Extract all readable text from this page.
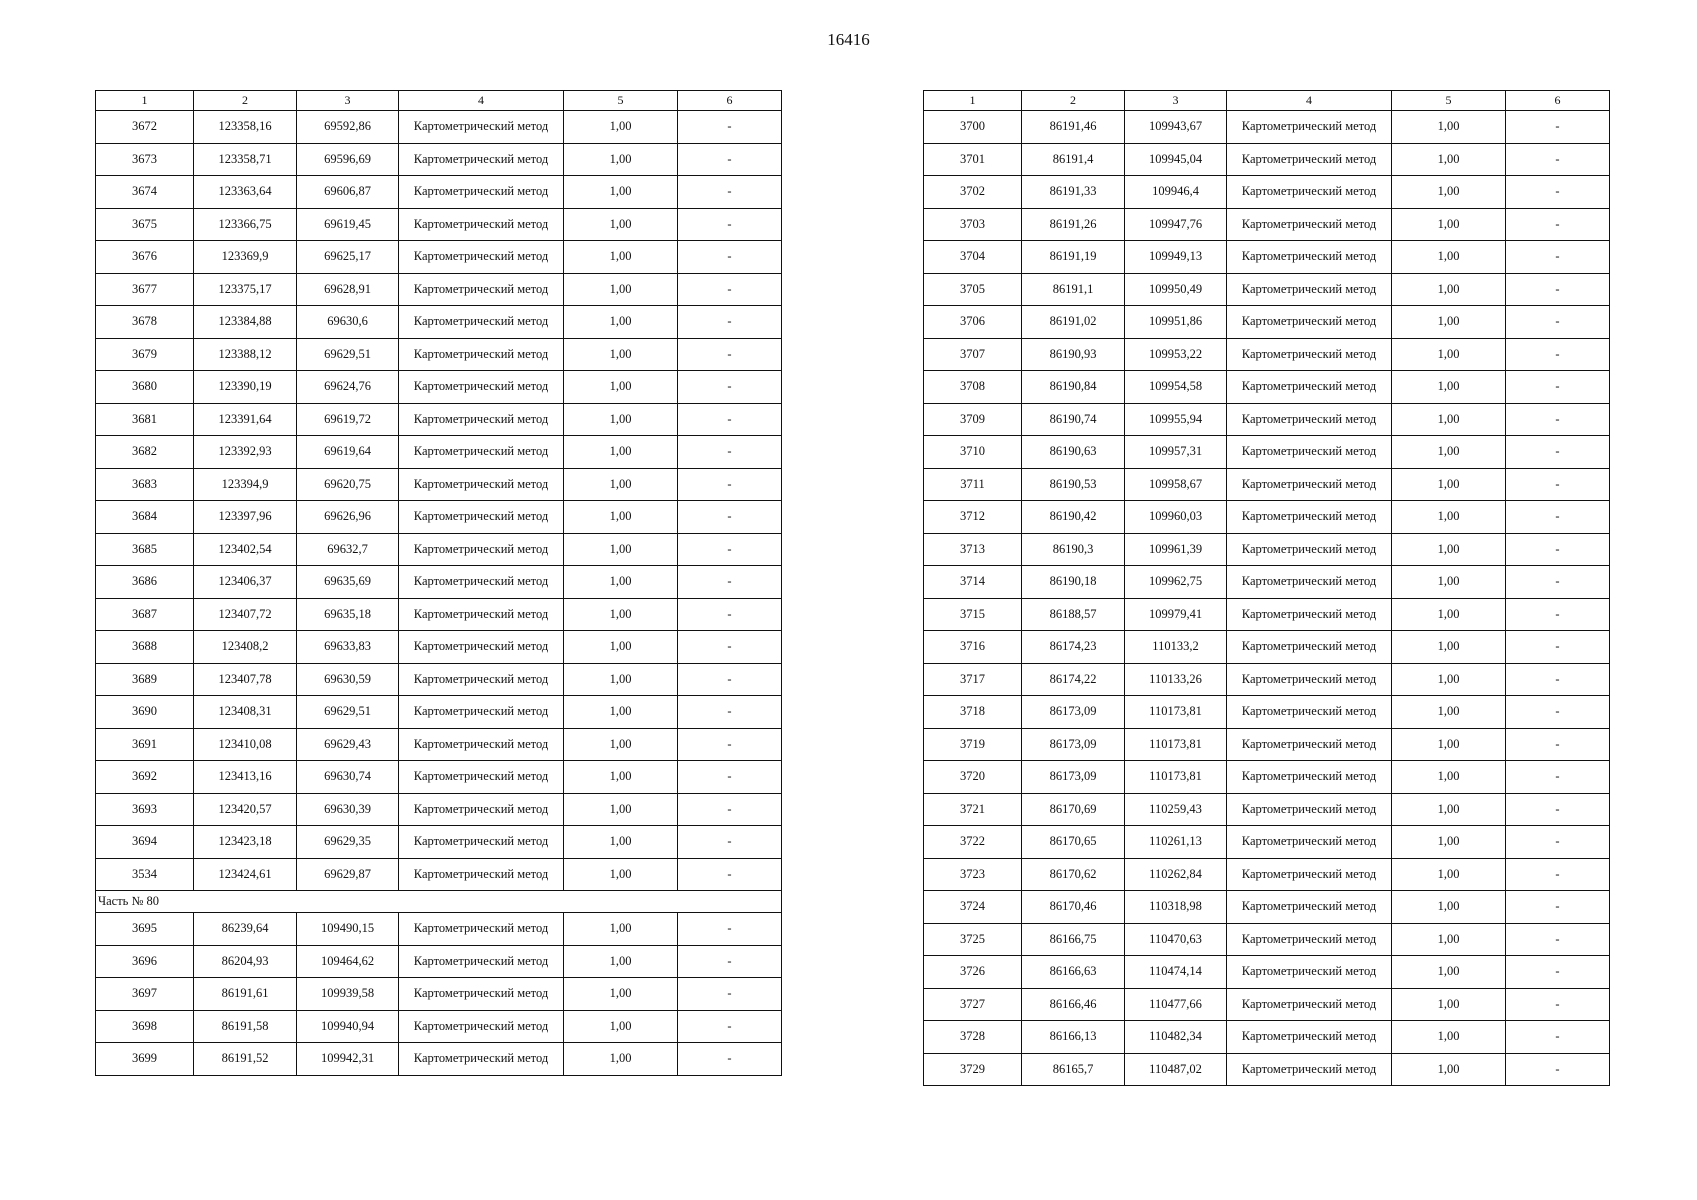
16416
1	2	3	4	5	6
3672	123358,16	69592,86	Картометрический метод	1,00	-
3673	123358,71	69596,69	Картометрический метод	1,00	-
3674	123363,64	69606,87	Картометрический метод	1,00	-
3675	123366,75	69619,45	Картометрический метод	1,00	-
3676	123369,9	69625,17	Картометрический метод	1,00	-
3677	123375,17	69628,91	Картометрический метод	1,00	-
3678	123384,88	69630,6	Картометрический метод	1,00	-
3679	123388,12	69629,51	Картометрический метод	1,00	-
3680	123390,19	69624,76	Картометрический метод	1,00	-
3681	123391,64	69619,72	Картометрический метод	1,00	-
3682	123392,93	69619,64	Картометрический метод	1,00	-
3683	123394,9	69620,75	Картометрический метод	1,00	-
3684	123397,96	69626,96	Картометрический метод	1,00	-
3685	123402,54	69632,7	Картометрический метод	1,00	-
3686	123406,37	69635,69	Картометрический метод	1,00	-
3687	123407,72	69635,18	Картометрический метод	1,00	-
3688	123408,2	69633,83	Картометрический метод	1,00	-
3689	123407,78	69630,59	Картометрический метод	1,00	-
3690	123408,31	69629,51	Картометрический метод	1,00	-
3691	123410,08	69629,43	Картометрический метод	1,00	-
3692	123413,16	69630,74	Картометрический метод	1,00	-
3693	123420,57	69630,39	Картометрический метод	1,00	-
3694	123423,18	69629,35	Картометрический метод	1,00	-
3534	123424,61	69629,87	Картометрический метод	1,00	-
Часть № 80					
3695	86239,64	109490,15	Картометрический метод	1,00	-
3696	86204,93	109464,62	Картометрический метод	1,00	-
3697	86191,61	109939,58	Картометрический метод	1,00	-
3698	86191,58	109940,94	Картометрический метод	1,00	-
3699	86191,52	109942,31	Картометрический метод	1,00	-
1	2	3	4	5	6
3700	86191,46	109943,67	Картометрический метод	1,00	-
3701	86191,4	109945,04	Картометрический метод	1,00	-
3702	86191,33	109946,4	Картометрический метод	1,00	-
3703	86191,26	109947,76	Картометрический метод	1,00	-
3704	86191,19	109949,13	Картометрический метод	1,00	-
3705	86191,1	109950,49	Картометрический метод	1,00	-
3706	86191,02	109951,86	Картометрический метод	1,00	-
3707	86190,93	109953,22	Картометрический метод	1,00	-
3708	86190,84	109954,58	Картометрический метод	1,00	-
3709	86190,74	109955,94	Картометрический метод	1,00	-
3710	86190,63	109957,31	Картометрический метод	1,00	-
3711	86190,53	109958,67	Картометрический метод	1,00	-
3712	86190,42	109960,03	Картометрический метод	1,00	-
3713	86190,3	109961,39	Картометрический метод	1,00	-
3714	86190,18	109962,75	Картометрический метод	1,00	-
3715	86188,57	109979,41	Картометрический метод	1,00	-
3716	86174,23	110133,2	Картометрический метод	1,00	-
3717	86174,22	110133,26	Картометрический метод	1,00	-
3718	86173,09	110173,81	Картометрический метод	1,00	-
3719	86173,09	110173,81	Картометрический метод	1,00	-
3720	86173,09	110173,81	Картометрический метод	1,00	-
3721	86170,69	110259,43	Картометрический метод	1,00	-
3722	86170,65	110261,13	Картометрический метод	1,00	-
3723	86170,62	110262,84	Картометрический метод	1,00	-
3724	86170,46	110318,98	Картометрический метод	1,00	-
3725	86166,75	110470,63	Картометрический метод	1,00	-
3726	86166,63	110474,14	Картометрический метод	1,00	-
3727	86166,46	110477,66	Картометрический метод	1,00	-
3728	86166,13	110482,34	Картометрический метод	1,00	-
3729	86165,7	110487,02	Картометрический метод	1,00	-
